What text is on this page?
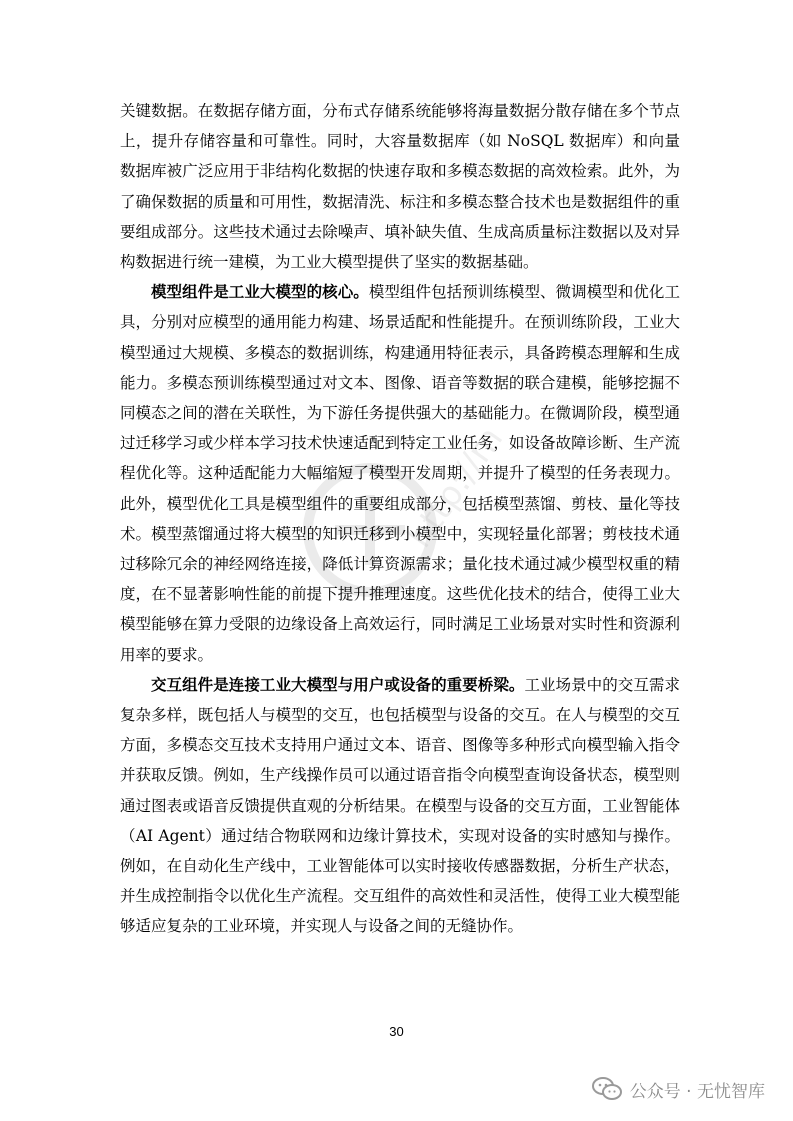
http://m

关键数据。在数据存储方面，分布式存储系统能够将海量数据分散存储在多个节点上，提升存储容量和可靠性。同时，大容量数据库（如 NoSQL 数据库）和向量数据库被广泛应用于非结构化数据的快速存取和多模态数据的高效检索。此外，为了确保数据的质量和可用性，数据清洗、标注和多模态整合技术也是数据组件的重要组成部分。这些技术通过去除噪声、填补缺失值、生成高质量标注数据以及对异构数据进行统一建模，为工业大模型提供了坚实的数据基础。

模型组件是工业大模型的核心。模型组件包括预训练模型、微调模型和优化工具，分别对应模型的通用能力构建、场景适配和性能提升。在预训练阶段，工业大模型通过大规模、多模态的数据训练，构建通用特征表示，具备跨模态理解和生成能力。多模态预训练模型通过对文本、图像、语音等数据的联合建模，能够挖掘不同模态之间的潜在关联性，为下游任务提供强大的基础能力。在微调阶段，模型通过迁移学习或少样本学习技术快速适配到特定工业任务，如设备故障诊断、生产流程优化等。这种适配能力大幅缩短了模型开发周期，并提升了模型的任务表现力。此外，模型优化工具是模型组件的重要组成部分，包括模型蒸馏、剪枝、量化等技术。模型蒸馏通过将大模型的知识迁移到小模型中，实现轻量化部署；剪枝技术通过移除冗余的神经网络连接，降低计算资源需求；量化技术通过减少模型权重的精度，在不显著影响性能的前提下提升推理速度。这些优化技术的结合，使得工业大模型能够在算力受限的边缘设备上高效运行，同时满足工业场景对实时性和资源利用率的要求。

交互组件是连接工业大模型与用户或设备的重要桥梁。工业场景中的交互需求复杂多样，既包括人与模型的交互，也包括模型与设备的交互。在人与模型的交互方面，多模态交互技术支持用户通过文本、语音、图像等多种形式向模型输入指令并获取反馈。例如，生产线操作员可以通过语音指令向模型查询设备状态，模型则通过图表或语音反馈提供直观的分析结果。在模型与设备的交互方面，工业智能体（AI Agent）通过结合物联网和边缘计算技术，实现对设备的实时感知与操作。例如，在自动化生产线中，工业智能体可以实时接收传感器数据，分析生产状态，并生成控制指令以优化生产流程。交互组件的高效性和灵活性，使得工业大模型能够适应复杂的工业环境，并实现人与设备之间的无缝协作。

30
公众号 · 无忧智库
